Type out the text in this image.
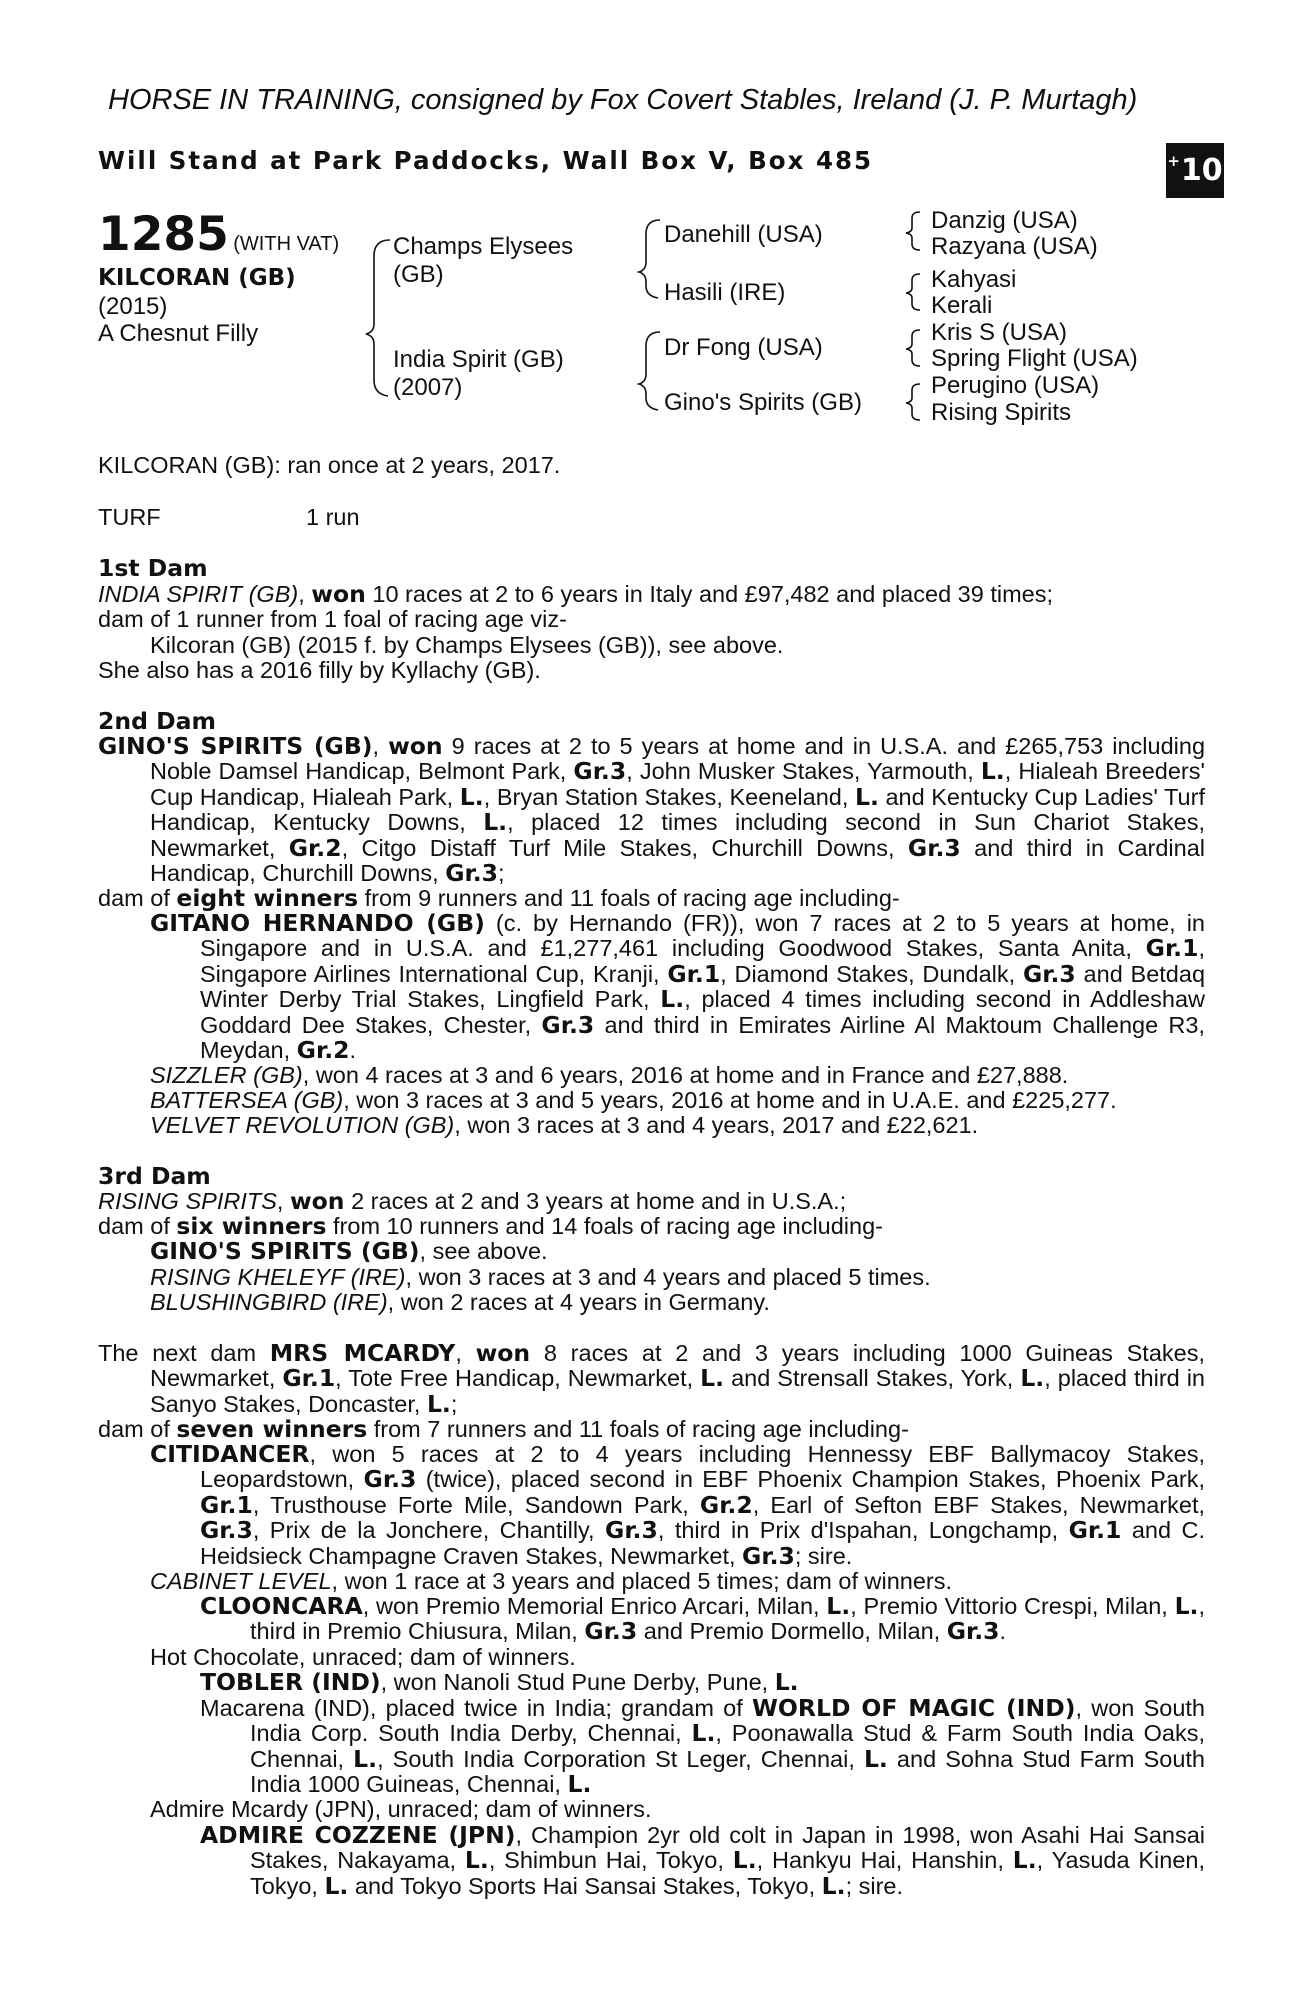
HORSE IN TRAINING, consigned by Fox Covert Stables, Ireland (J. P. Murtagh)
Will Stand at Park Paddocks, Wall Box V, Box 485	+ 10
1285 (WITH VAT)
KILCORAN (GB)
(2015)
A Chesnut Filly
Champs Elysees
(GB)
India Spirit (GB)
(2007)
Danehill (USA)
Hasili (IRE)
Dr Fong (USA)
Gino's Spirits (GB)
Danzig (USA)
Razyana (USA)
Kahyasi
Kerali
Kris S (USA)
Spring Flight (USA)
Perugino (USA)
Rising Spirits
KILCORAN (GB): ran once at 2 years, 2017.
TURF	1 run
1st Dam
INDIA SPIRIT (GB), won 10 races at 2 to 6 years in Italy and £97,482 and placed 39 times;
dam of 1 runner from 1 foal of racing age viz-
Kilcoran (GB) (2015 f. by Champs Elysees (GB)), see above.
She also has a 2016 filly by Kyllachy (GB).
2nd Dam
GINO'S SPIRITS (GB), won 9 races at 2 to 5 years at home and in U.S.A. and £265,753 including Noble Damsel Handicap, Belmont Park, Gr.3, John Musker Stakes, Yarmouth, L., Hialeah Breeders' Cup Handicap, Hialeah Park, L., Bryan Station Stakes, Keeneland, L. and Kentucky Cup Ladies' Turf Handicap, Kentucky Downs, L., placed 12 times including second in Sun Chariot Stakes, Newmarket, Gr.2, Citgo Distaff Turf Mile Stakes, Churchill Downs, Gr.3 and third in Cardinal Handicap, Churchill Downs, Gr.3;
dam of eight winners from 9 runners and 11 foals of racing age including-
GITANO HERNANDO (GB) (c. by Hernando (FR)), won 7 races at 2 to 5 years at home, in Singapore and in U.S.A. and £1,277,461 including Goodwood Stakes, Santa Anita, Gr.1, Singapore Airlines International Cup, Kranji, Gr.1, Diamond Stakes, Dundalk, Gr.3 and Betdaq Winter Derby Trial Stakes, Lingfield Park, L., placed 4 times including second in Addleshaw Goddard Dee Stakes, Chester, Gr.3 and third in Emirates Airline Al Maktoum Challenge R3, Meydan, Gr.2.
SIZZLER (GB), won 4 races at 3 and 6 years, 2016 at home and in France and £27,888.
BATTERSEA (GB), won 3 races at 3 and 5 years, 2016 at home and in U.A.E. and £225,277.
VELVET REVOLUTION (GB), won 3 races at 3 and 4 years, 2017 and £22,621.
3rd Dam
RISING SPIRITS, won 2 races at 2 and 3 years at home and in U.S.A.;
dam of six winners from 10 runners and 14 foals of racing age including-
GINO'S SPIRITS (GB), see above.
RISING KHELEYF (IRE), won 3 races at 3 and 4 years and placed 5 times.
BLUSHINGBIRD (IRE), won 2 races at 4 years in Germany.
The next dam MRS MCARDY, won 8 races at 2 and 3 years including 1000 Guineas Stakes, Newmarket, Gr.1, Tote Free Handicap, Newmarket, L. and Strensall Stakes, York, L., placed third in Sanyo Stakes, Doncaster, L.;
dam of seven winners from 7 runners and 11 foals of racing age including-
CITIDANCER, won 5 races at 2 to 4 years including Hennessy EBF Ballymacoy Stakes, Leopardstown, Gr.3 (twice), placed second in EBF Phoenix Champion Stakes, Phoenix Park, Gr.1, Trusthouse Forte Mile, Sandown Park, Gr.2, Earl of Sefton EBF Stakes, Newmarket, Gr.3, Prix de la Jonchere, Chantilly, Gr.3, third in Prix d'Ispahan, Longchamp, Gr.1 and C. Heidsieck Champagne Craven Stakes, Newmarket, Gr.3; sire.
CABINET LEVEL, won 1 race at 3 years and placed 5 times; dam of winners.
CLOONCARA, won Premio Memorial Enrico Arcari, Milan, L., Premio Vittorio Crespi, Milan, L., third in Premio Chiusura, Milan, Gr.3 and Premio Dormello, Milan, Gr.3.
Hot Chocolate, unraced; dam of winners.
TOBLER (IND), won Nanoli Stud Pune Derby, Pune, L.
Macarena (IND), placed twice in India; grandam of WORLD OF MAGIC (IND), won South India Corp. South India Derby, Chennai, L., Poonawalla Stud & Farm South India Oaks, Chennai, L., South India Corporation St Leger, Chennai, L. and Sohna Stud Farm South India 1000 Guineas, Chennai, L.
Admire Mcardy (JPN), unraced; dam of winners.
ADMIRE COZZENE (JPN), Champion 2yr old colt in Japan in 1998, won Asahi Hai Sansai Stakes, Nakayama, L., Shimbun Hai, Tokyo, L., Hankyu Hai, Hanshin, L., Yasuda Kinen, Tokyo, L. and Tokyo Sports Hai Sansai Stakes, Tokyo, L.; sire.
